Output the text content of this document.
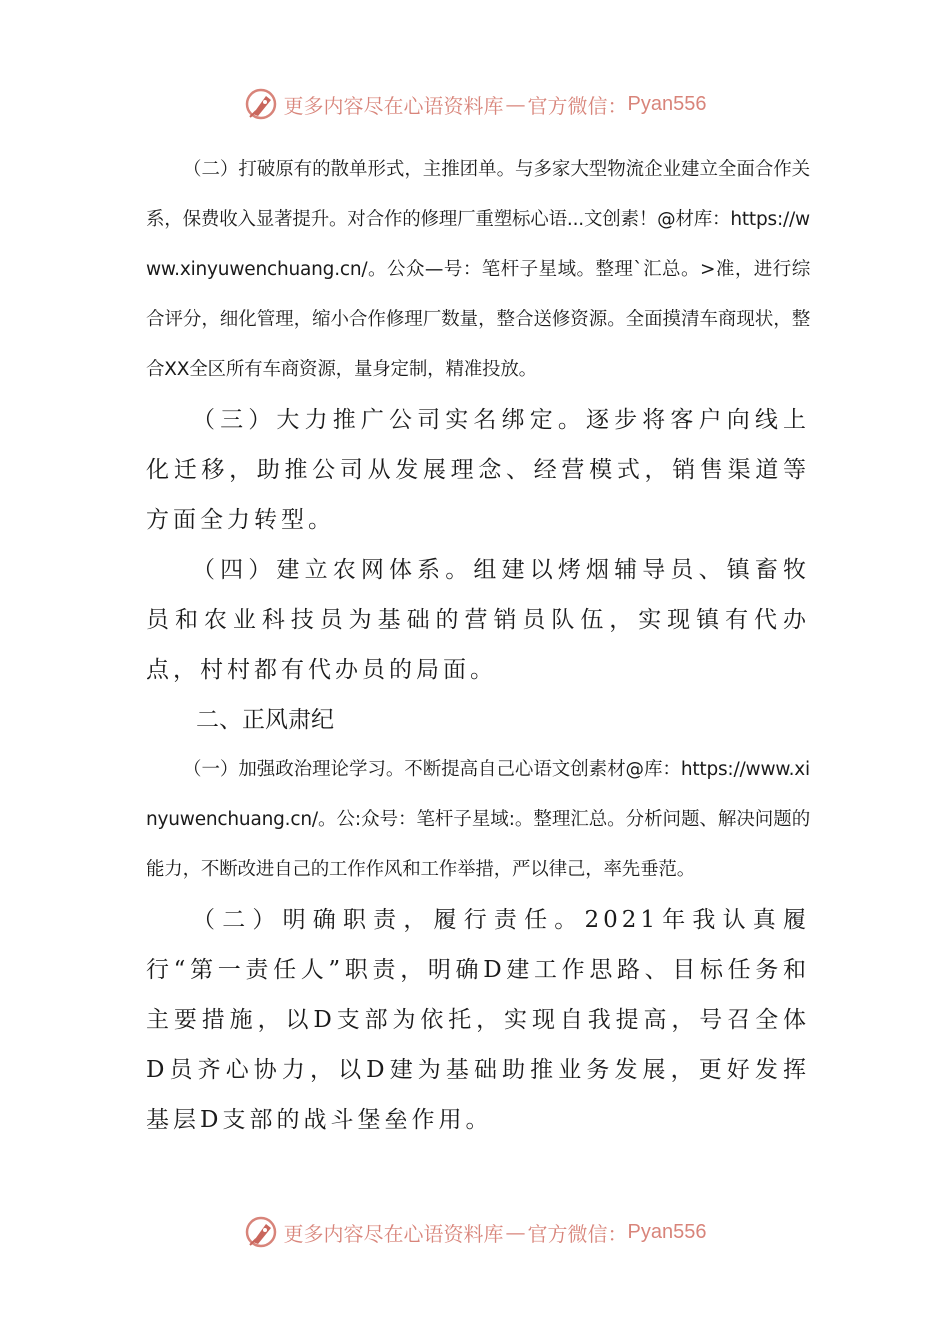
更多内容尽在心语资料库 — 官方微信： Pyan556

（二）打破原有的散单形式，主推团单。与多家大型物流企业建立全面合作关系，保费收入显著提升。对合作的修理厂重塑标心语...文创素！@材库：https://www.xinyuwenchuang.cn/。公众—号：笔杆子星域。整理`汇总。>准，进行综合评分，细化管理，缩小合作修理厂数量，整合送修资源。全面摸清车商现状，整合XX全区所有车商资源，量身定制，精准投放。

（三）大力推广公司实名绑定。逐步将客户向线上化迁移，助推公司从发展理念、经营模式，销售渠道等方面全力转型。

（四）建立农网体系。组建以烤烟辅导员、镇畜牧员和农业科技员为基础的营销员队伍，实现镇有代办点，村村都有代办员的局面。

二、正风肃纪

（一）加强政治理论学习。不断提高自己心语文创素材@库：https://www.xinyuwenchuang.cn/。公:众号：笔杆子星域:。整理汇总。分析问题、解决问题的能力，不断改进自己的工作作风和工作举措，严以律己，率先垂范。

（二）明确职责，履行责任。2021年我认真履行“第一责任人”职责，明确D建工作思路、目标任务和主要措施，以D支部为依托，实现自我提高，号召全体D员齐心协力，以D建为基础助推业务发展，更好发挥基层D支部的战斗堡垒作用。

更多内容尽在心语资料库 — 官方微信： Pyan556
